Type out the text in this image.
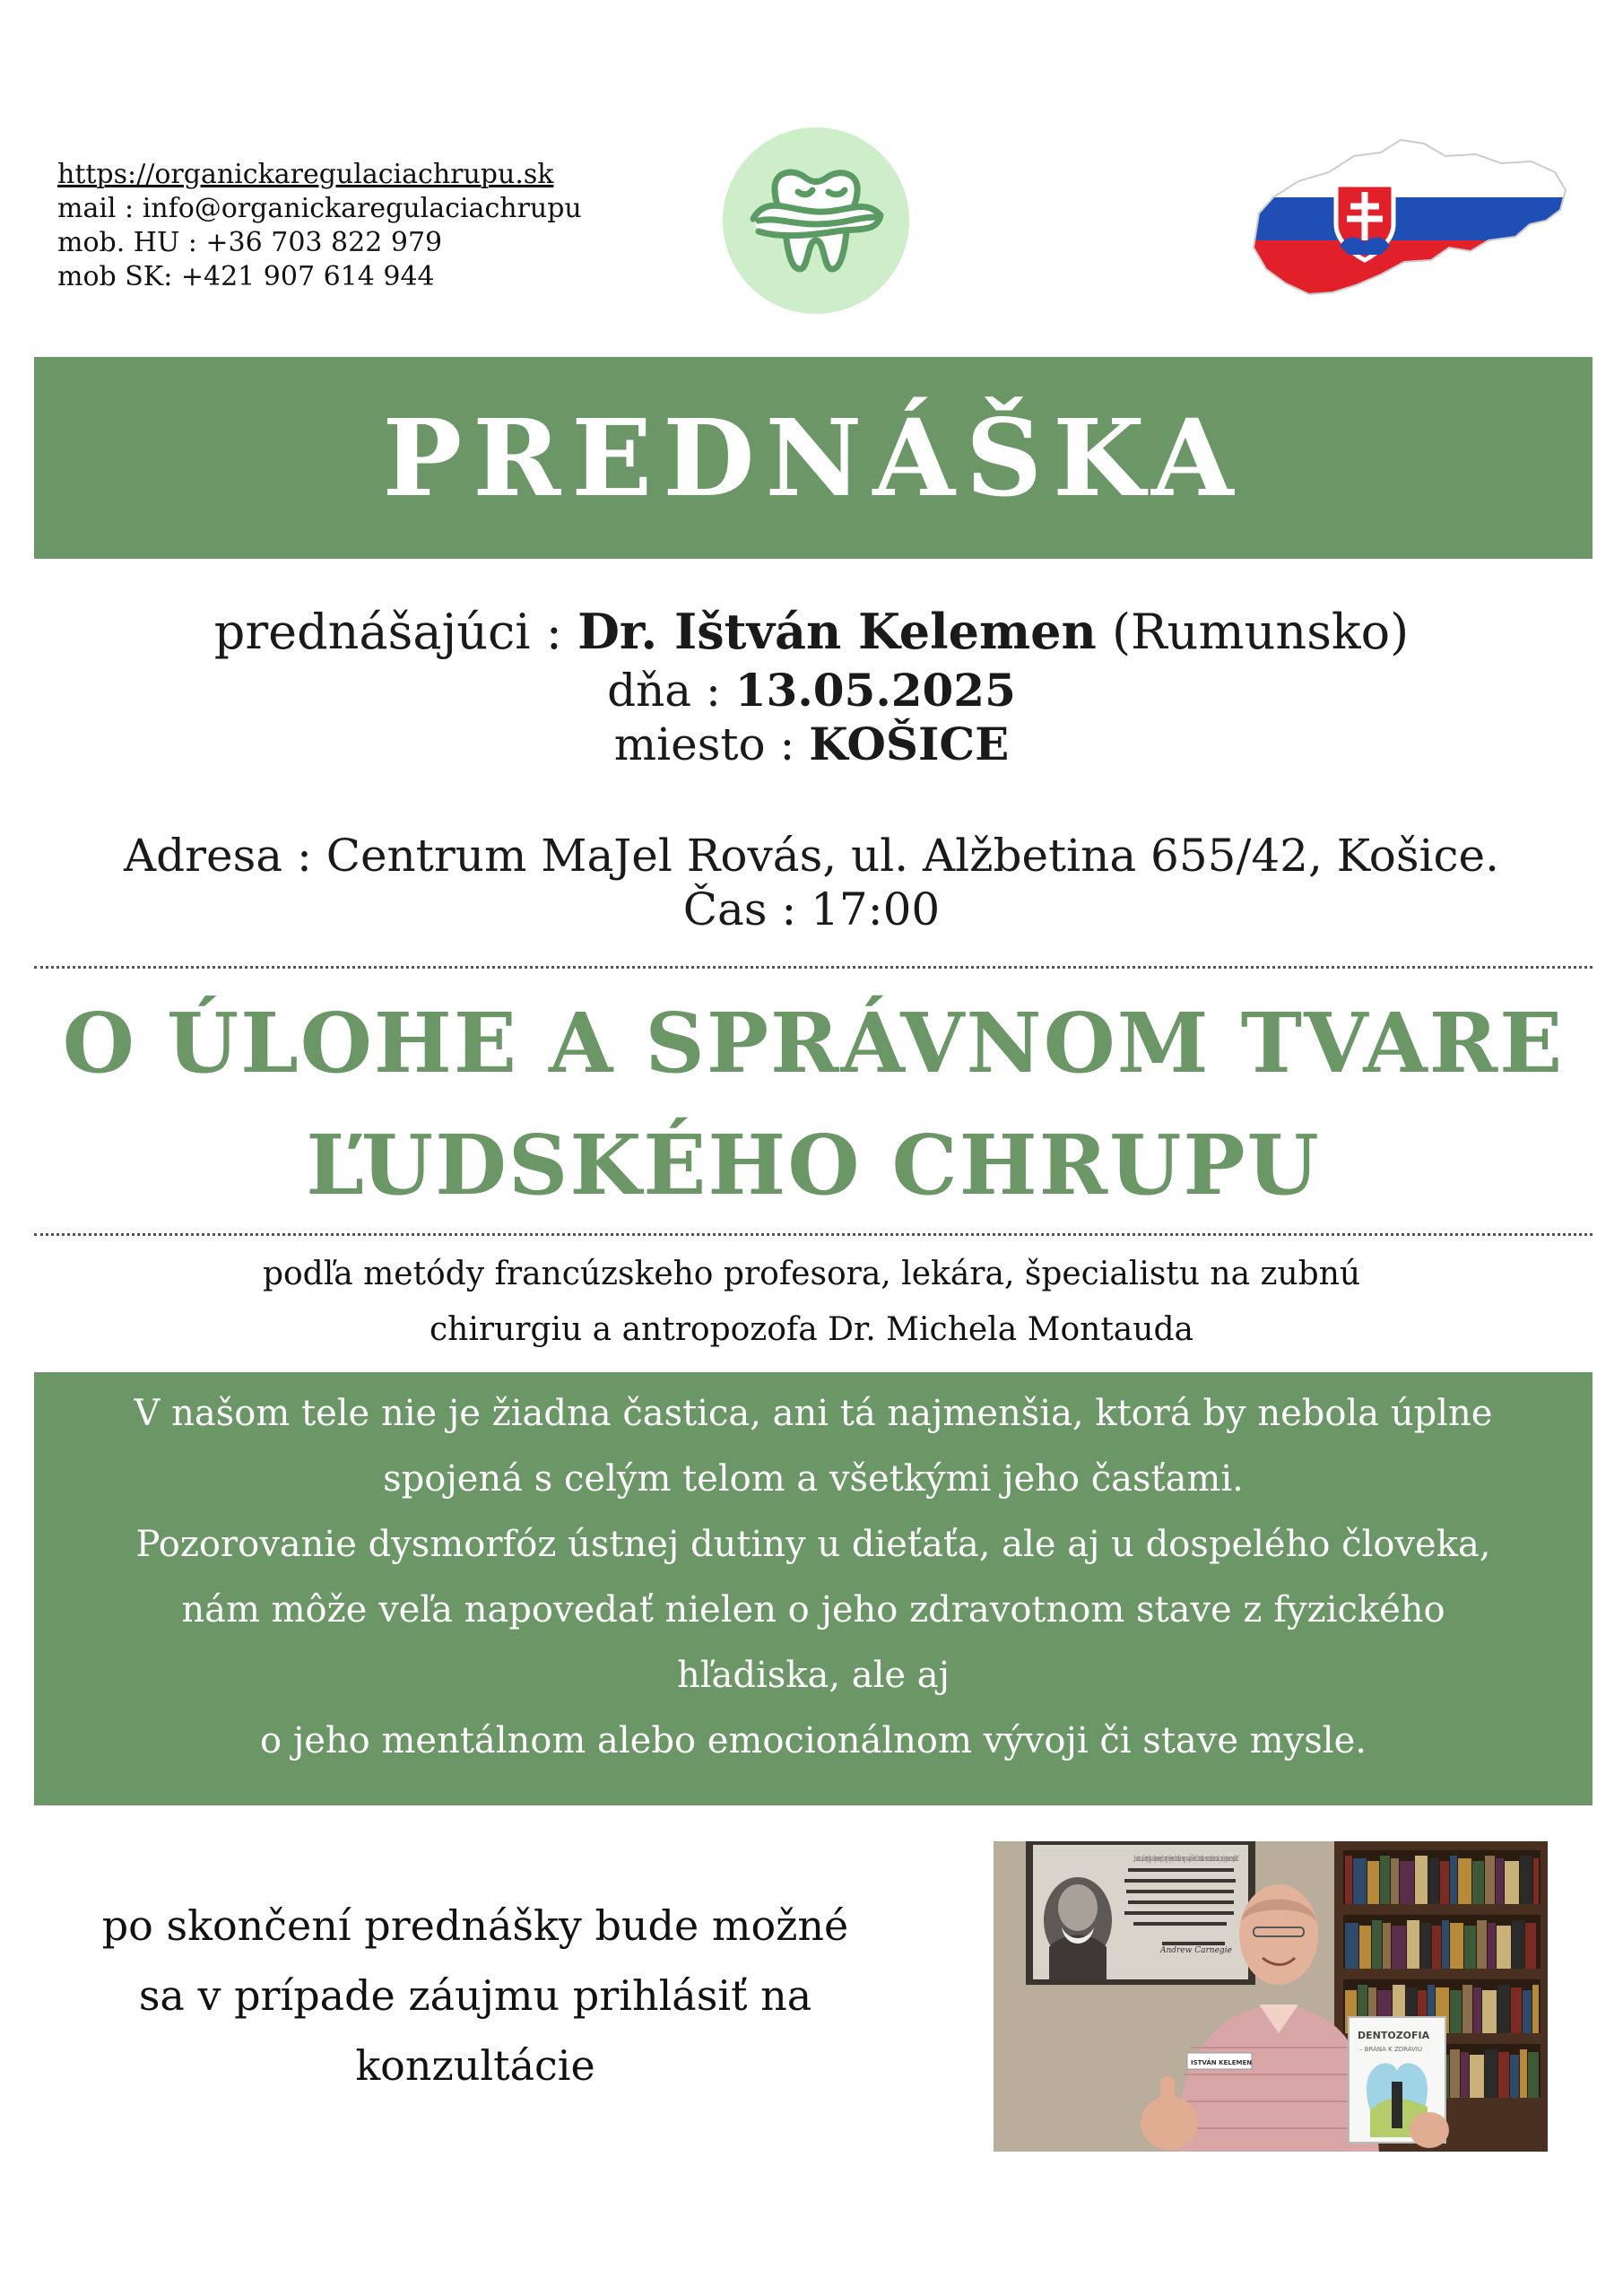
https://organickaregulaciachrupu.sk
mail : info@organickaregulaciachrupu
mob. HU : +36 703 822 979
mob SK: +421 907 614 944
PREDNÁŠKA
prednášajúci : Dr. Ištván Kelemen (Rumunsko)
dňa : 13.05.2025
miesto : KOŠICE
Adresa : Centrum MaJel Rovás, ul. Alžbetina 655/42, Košice.
Čas : 17:00
O ÚLOHE A SPRÁVNOM TVARE
ĽUDSKÉHO CHRUPU
podľa metódy francúzskeho profesora, lekára, špecialistu na zubnú
chirurgiu a antropozofa Dr. Michela Montauda
V našom tele nie je žiadna častica, ani tá najmenšia, ktorá by nebola úplne
spojená s celým telom a všetkými jeho časťami.
Pozorovanie dysmorfóz ústnej dutiny u dieťaťa, ale aj u dospelého človeka,
nám môže veľa napovedať nielen o jeho zdravotnom stave z fyzického
hľadiska, ale aj
o jeho mentálnom alebo emocionálnom vývoji či stave mysle.
po skončení prednášky bude možné
sa v prípade záujmu prihlásiť na
konzultácie
Andrew Carnegie
DENTOZOFIA
– BRÁNA K ZDRAVIU
ISTVÁN KELEMEN
